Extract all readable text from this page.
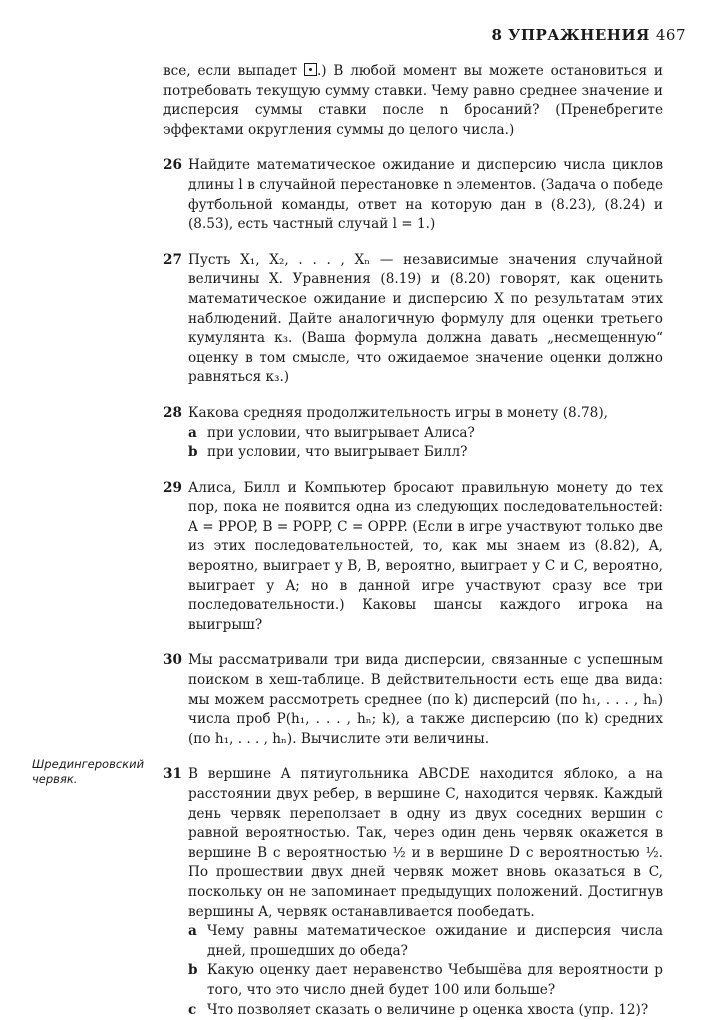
8 УПРАЖНЕНИЯ 467
Шредингеровский червяк.

все, если выпадет .) В любой момент вы можете остановиться и потребовать текущую сумму ставки. Чему равно среднее значение и дисперсия суммы ставки после n бросаний? (Пренебрегите эффектами округления суммы до целого числа.)

26 Найдите математическое ожидание и дисперсию числа циклов длины l в случайной перестановке n элементов. (Задача о победе футбольной команды, ответ на которую дан в (8.23), (8.24) и (8.53), есть частный случай l = 1.)

27 Пусть X₁, X₂, . . . , Xₙ — независимые значения случайной величины X. Уравнения (8.19) и (8.20) говорят, как оценить математическое ожидание и дисперсию X по результатам этих наблюдений. Дайте аналогичную формулу для оценки третьего кумулянта κ₃. (Ваша формула должна давать „несмещенную“ оценку в том смысле, что ожидаемое значение оценки должно равняться κ₃.)

28 Какова средняя продолжительность игры в монету (8.78),

a при условии, что выигрывает Алиса?

b при условии, что выигрывает Билл?

29 Алиса, Билл и Компьютер бросают правильную монету до тех пор, пока не появится одна из следующих последовательностей: A = PPOP, B = POPP, C = OPPP. (Если в игре участвуют только две из этих последовательностей, то, как мы знаем из (8.82), A, вероятно, выиграет у B, B, вероятно, выиграет у C и C, вероятно, выиграет у A; но в данной игре участвуют сразу все три последовательности.) Каковы шансы каждого игрока на выигрыш?

30 Мы рассматривали три вида дисперсии, связанные с успешным поиском в хеш-таблице. В действительности есть еще два вида: мы можем рассмотреть среднее (по k) дисперсий (по h₁, . . . , hₙ) числа проб P(h₁, . . . , hₙ; k), а также дисперсию (по k) средних (по h₁, . . . , hₙ). Вычислите эти величины.

31 В вершине A пятиугольника ABCDE находится яблоко, а на расстоянии двух ребер, в вершине C, находится червяк. Каждый день червяк переползает в одну из двух соседних вершин с равной вероятностью. Так, через один день червяк окажется в вершине B с вероятностью ½ и в вершине D с вероятностью ½. По прошествии двух дней червяк может вновь оказаться в C, поскольку он не запоминает предыдущих положений. Достигнув вершины A, червяк останавливается пообедать.

a Чему равны математическое ожидание и дисперсия числа дней, прошедших до обеда?

b Какую оценку дает неравенство Чебышёва для вероятности p того, что это число дней будет 100 или больше?

c Что позволяет сказать о величине p оценка хвоста (упр. 12)?
